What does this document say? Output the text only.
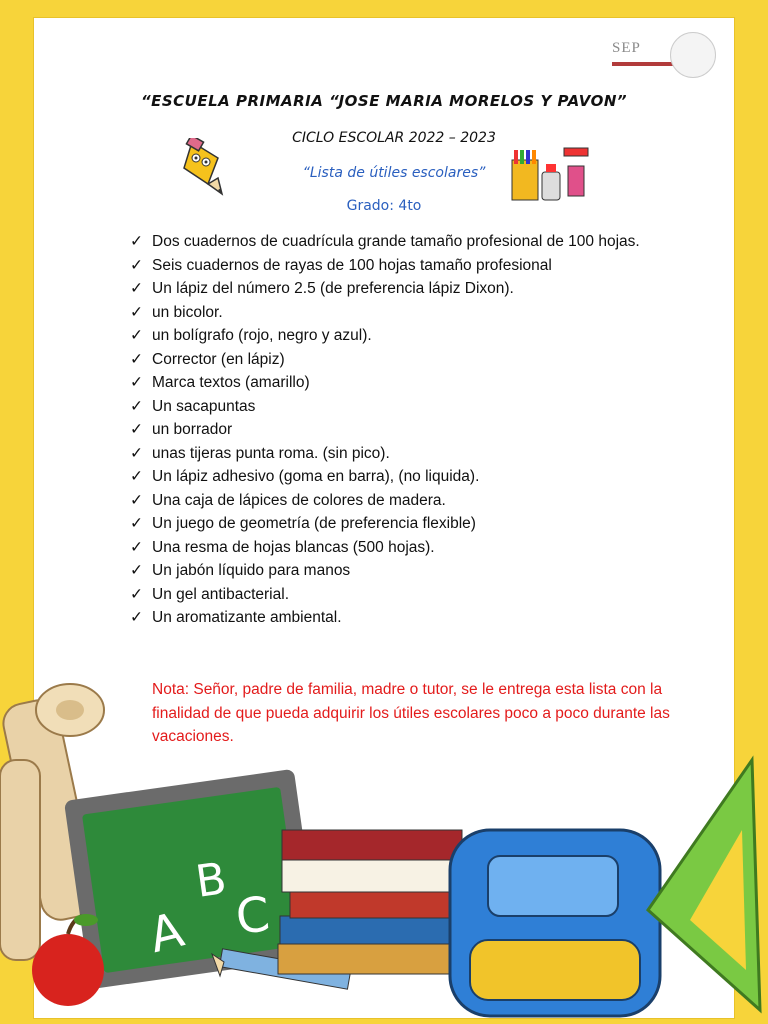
SEP
“ESCUELA PRIMARIA “JOSE MARIA MORELOS Y PAVON”
CICLO ESCOLAR 2022 – 2023
“Lista de útiles escolares”
Grado: 4to
✓ Dos cuadernos de cuadrícula grande tamaño profesional de 100 hojas.
✓ Seis cuadernos de rayas de 100 hojas tamaño profesional
✓ Un lápiz del número 2.5 (de preferencia lápiz Dixon).
✓ un bicolor.
✓ un bolígrafo (rojo, negro y azul).
✓ Corrector (en lápiz)
✓ Marca textos (amarillo)
✓ Un sacapuntas
✓ un borrador
✓ unas tijeras punta roma. (sin pico).
✓ Un lápiz adhesivo (goma en barra), (no liquida).
✓ Una caja de lápices de colores de madera.
✓ Un juego de geometría (de preferencia flexible)
✓ Una resma de hojas blancas (500 hojas).
✓ Un jabón líquido para manos
✓ Un gel antibacterial.
✓ Un aromatizante ambiental.
Nota: Señor, padre de familia, madre o tutor, se le entrega esta lista con la finalidad de que pueda adquirir los útiles escolares poco a poco durante las vacaciones.
A
B
C
